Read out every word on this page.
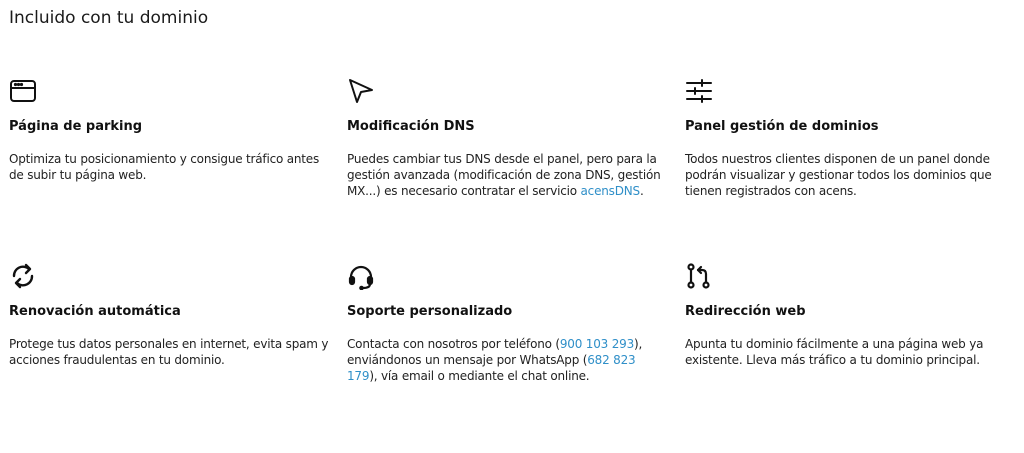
Incluido con tu dominio
Página de parking

Optimiza tu posicionamiento y consigue tráfico antes de subir tu página web.

Modificación DNS

Puedes cambiar tus DNS desde el panel, pero para la gestión avanzada (modificación de zona DNS, gestión MX...) es necesario contratar el servicio acensDNS.

Panel gestión de dominios

Todos nuestros clientes disponen de un panel donde podrán visualizar y gestionar todos los dominios que tienen registrados con acens.

Renovación automática

Protege tus datos personales en internet, evita spam y acciones fraudulentas en tu dominio.

Soporte personalizado

Contacta con nosotros por teléfono (900 103 293), enviándonos un mensaje por WhatsApp (682 823 179), vía email o mediante el chat online.

Redirección web

Apunta tu dominio fácilmente a una página web ya existente. Lleva más tráfico a tu dominio principal.
